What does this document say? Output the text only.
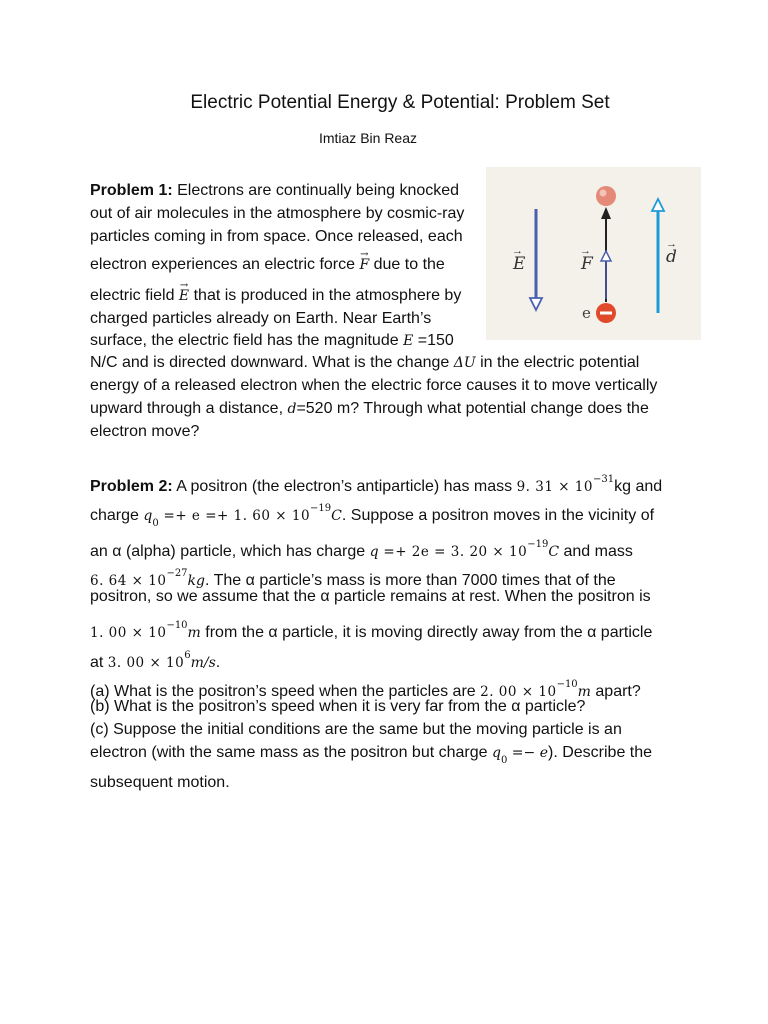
Electric Potential Energy & Potential: Problem Set
Imtiaz Bin Reaz
E
→
F
→
e
d
→

Problem 1: Electrons are continually being knocked

out of air molecules in the atmosphere by cosmic-ray

particles coming in from space. Once released, each

electron experiences an electric force → F due to the

electric field → E that is produced in the atmosphere by

charged particles already on Earth. Near Earth’s

surface, the electric field has the magnitude E =150

N/C and is directed downward. What is the change ΔU in the electric potential

energy of a released electron when the electric force causes it to move vertically

upward through a distance, d=520 m? Through what potential change does the

electron move?

Problem 2: A positron (the electron’s antiparticle) has mass 9. $31 \times 10^{-31}kg$ and

charge $q_0 =+ e =+ 1$. $60 \times 10^{-19}C$. Suppose a positron moves in the vicinity of

an α (alpha) particle, which has charge q =+ 2e = 3. $20 \times 10^{-19}C$ and mass

6. $64 \times 10^{-27}kg$. The α particle’s mass is more than 7000 times that of the

positron, so we assume that the α particle remains at rest. When the positron is

1. $00 \times 10^{-10}m$ from the α particle, it is moving directly away from the α particle

at 3. $00 \times 10^6m/s$.

(a) What is the positron’s speed when the particles are 2. $00 \times 10^{-10}m$ apart?

(b) What is the positron’s speed when it is very far from the α particle?

(c) Suppose the initial conditions are the same but the moving particle is an

electron (with the same mass as the positron but charge $q_0 =- e$). Describe the

subsequent motion.
